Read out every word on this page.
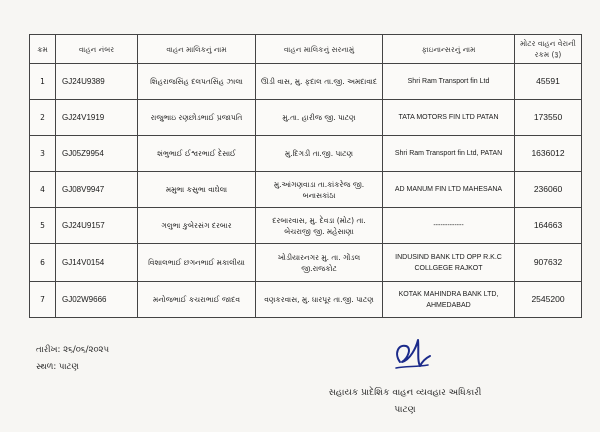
ક્રમ	વાહન નંબર	વાહન માલિકનું નામ	વાહન માલિકનું સરનામું	ફાઇનાન્સરનું નામ	મોટર વાહન વેરાની રકમ (રૂ)
1	GJ24U9389	શિહરાજસિંહ દલપતસિંહ ઝાલા	ઊડી વાસ, મુ. ફદાલ તા.જી. અમદાવાદ	Shri Ram Transport fin Ltd	45591
2	GJ24V1919	રાજુભાઇ રણછોડભાઈ પ્રજાપતિ	મુ.તા. હારીજ જી. પાટણ	TATA MOTORS FIN LTD PATAN	173550
3	GJ05Z9954	શંભુભાઈ ઈશ્વરભાઈ દેસાઈ	મુ.દિગડી તા.જી. પાટણ	Shri Ram Transport fin Ltd, PATAN	1636012
4	GJ08V9947	મમુભા કસુભા વાઘેલા	મુ.આંગણવાડા તા.કાંકરેજ જી. બનાસકાંઠા	AD MANUM FIN LTD MAHESANA	236060
5	GJ24U9157	ગલુભા કુબેરસંગ દરબાર	દરબારવાસ, મુ. દેવડા (મોટ) તા. બેચરાજી જી. મહેસાણા	-------------	164663
6	GJ14V0154	વિશાલભાઈ છગનભાઈ મકાલીયા	ખોડીયારનગર મુ. તા. ગોંડલ જી.રાજકોટ	INDUSIND BANK LTD OPP R.K.C COLLGEGE RAJKOT	907632
7	GJ02W9666	મનોજભાઈ કચરાભાઈ જાદવ	વણકરવાસ, મુ. ધારપૂર તા.જી. પાટણ	KOTAK MAHINDRA BANK LTD, AHMEDABAD	2545200
તારીખ: ૨૬/૦૬/૨૦૨૫
સ્થળ: પાટણ
સહાયક પ્રાદેશિક વાહન વ્યવહાર અધિકારી
પાટણ
